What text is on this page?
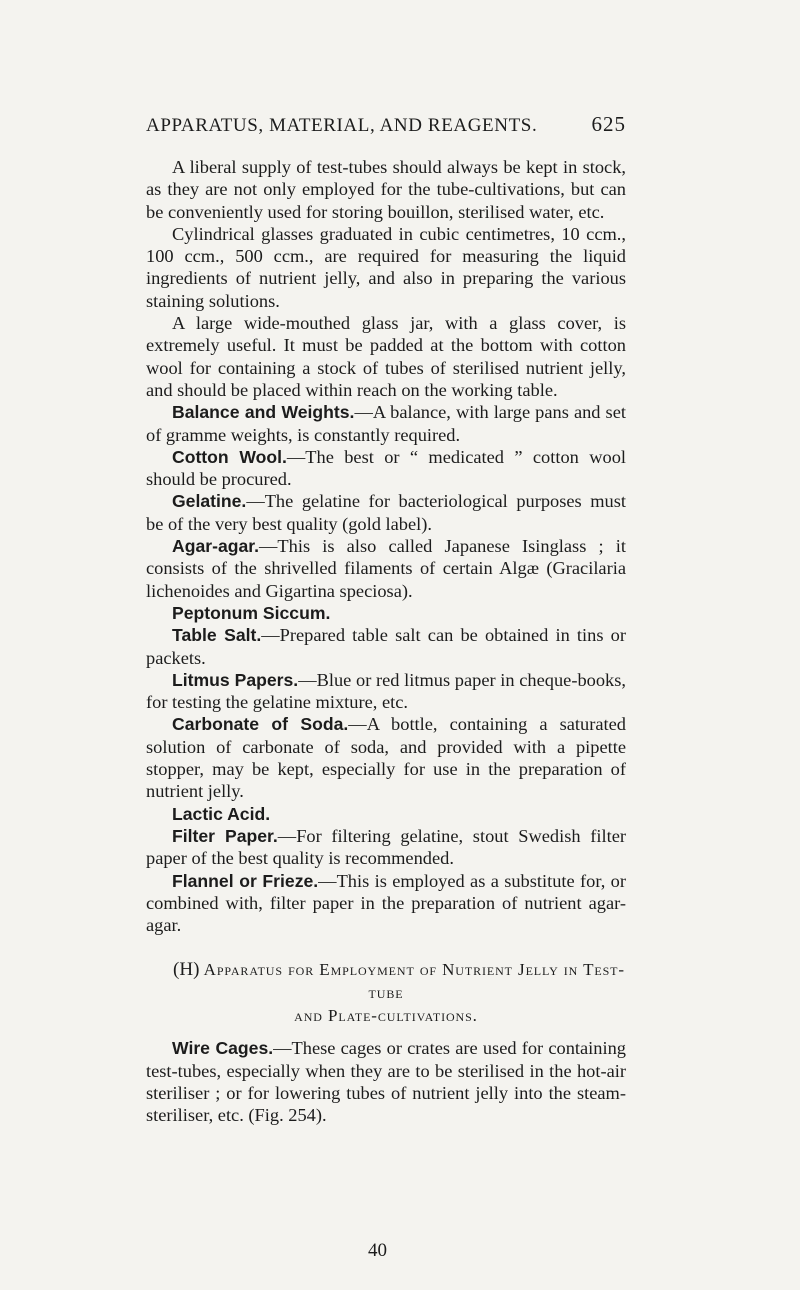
APPARATUS, MATERIAL, AND REAGENTS.	625

A liberal supply of test-tubes should always be kept in stock, as they are not only employed for the tube-cultivations, but can be conveniently used for storing bouillon, sterilised water, etc.

Cylindrical glasses graduated in cubic centimetres, 10 ccm., 100 ccm., 500 ccm., are required for measuring the liquid ingredients of nutrient jelly, and also in preparing the various staining solutions.

A large wide-mouthed glass jar, with a glass cover, is extremely useful. It must be padded at the bottom with cotton wool for containing a stock of tubes of sterilised nutrient jelly, and should be placed within reach on the working table.

Balance and Weights.—A balance, with large pans and set of gramme weights, is constantly required.

Cotton Wool.—The best or “ medicated ” cotton wool should be procured.

Gelatine.—The gelatine for bacteriological purposes must be of the very best quality (gold label).

Agar-agar.—This is also called Japanese Isinglass ; it consists of the shrivelled filaments of certain Algæ (Gracilaria lichenoides and Gigartina speciosa).

Peptonum Siccum.

Table Salt.—Prepared table salt can be obtained in tins or packets.

Litmus Papers.—Blue or red litmus paper in cheque-books, for testing the gelatine mixture, etc.

Carbonate of Soda.—A bottle, containing a saturated solution of carbonate of soda, and provided with a pipette stopper, may be kept, especially for use in the preparation of nutrient jelly.

Lactic Acid.

Filter Paper.—For filtering gelatine, stout Swedish filter paper of the best quality is recommended.

Flannel or Frieze.—This is employed as a substitute for, or combined with, filter paper in the preparation of nutrient agar-agar.

(H) Apparatus for Employment of Nutrient Jelly in Test-tube
and Plate-cultivations.

Wire Cages.—These cages or crates are used for containing test-tubes, especially when they are to be sterilised in the hot-air steriliser ; or for lowering tubes of nutrient jelly into the steam-steriliser, etc. (Fig. 254).

40
